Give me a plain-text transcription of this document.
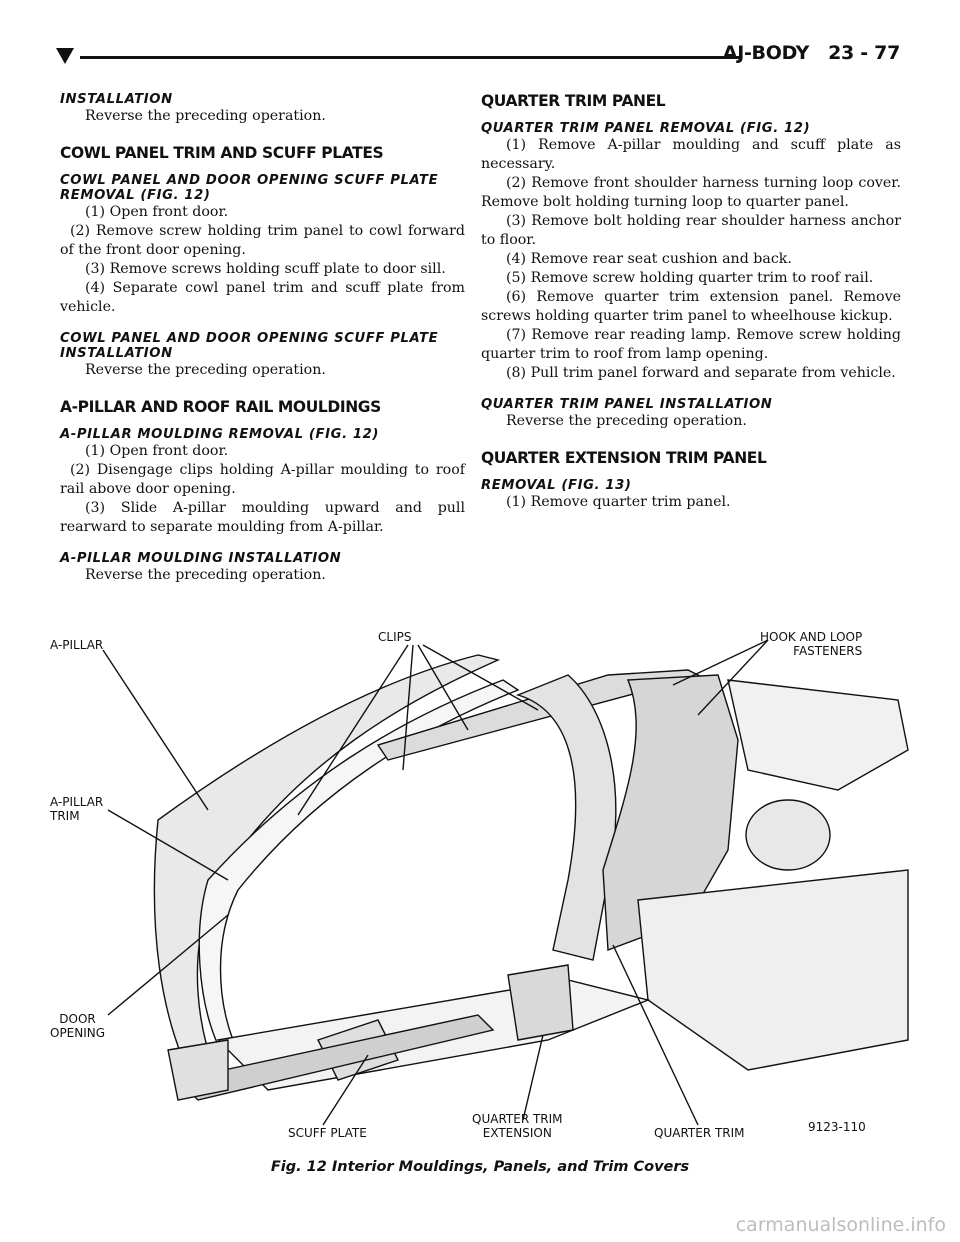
AJ-BODY 23 - 77
INSTALLATION

Reverse the preceding operation.

COWL PANEL TRIM AND SCUFF PLATES
COWL PANEL AND DOOR OPENING SCUFF PLATE REMOVAL (FIG. 12)

(1) Open front door.

(2) Remove screw holding trim panel to cowl forward of the front door opening.

(3) Remove screws holding scuff plate to door sill.

(4) Separate cowl panel trim and scuff plate from vehicle.

COWL PANEL AND DOOR OPENING SCUFF PLATE INSTALLATION

Reverse the preceding operation.

A-PILLAR AND ROOF RAIL MOULDINGS
A-PILLAR MOULDING REMOVAL (FIG. 12)

(1) Open front door.

(2) Disengage clips holding A-pillar moulding to roof rail above door opening.

(3) Slide A-pillar moulding upward and pull rearward to separate moulding from A-pillar.

A-PILLAR MOULDING INSTALLATION

Reverse the preceding operation.

QUARTER TRIM PANEL
QUARTER TRIM PANEL REMOVAL (FIG. 12)

(1) Remove A-pillar moulding and scuff plate as necessary.

(2) Remove front shoulder harness turning loop cover. Remove bolt holding turning loop to quarter panel.

(3) Remove bolt holding rear shoulder harness anchor to floor.

(4) Remove rear seat cushion and back.

(5) Remove screw holding quarter trim to roof rail.

(6) Remove quarter trim extension panel. Remove screws holding quarter trim panel to wheelhouse kickup.

(7) Remove rear reading lamp. Remove screw holding quarter trim to roof from lamp opening.

(8) Pull trim panel forward and separate from vehicle.

QUARTER TRIM PANEL INSTALLATION

Reverse the preceding operation.

QUARTER EXTENSION TRIM PANEL
REMOVAL (FIG. 13)

(1) Remove quarter trim panel.

A-PILLAR
CLIPS	HOOK AND LOOP
FASTENERS
A-PILLAR
TRIM
DOOR
OPENING
SCUFF PLATE
QUARTER TRIM
EXTENSION	QUARTER TRIM	9123-110
Fig. 12 Interior Mouldings, Panels, and Trim Covers
carmanualsonline.info
